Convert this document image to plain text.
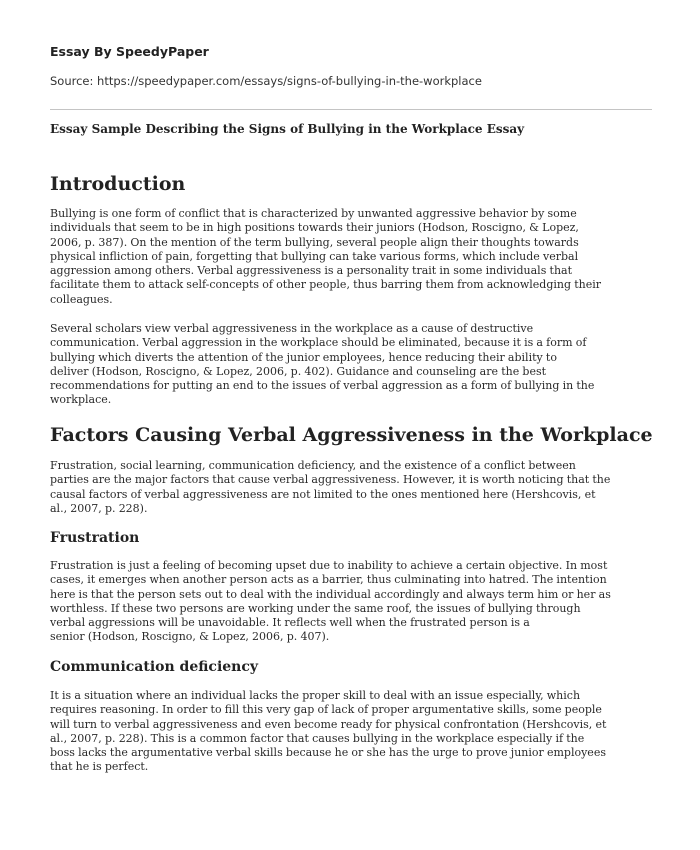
Essay By SpeedyPaper

Source: https://speedypaper.com/essays/signs-of-bullying-in-the-workplace

Essay Sample Describing the Signs of Bullying in the Workplace Essay

Introduction

Bullying is one form of conflict that is characterized by unwanted aggressive behavior by some
individuals that seem to be in high positions towards their juniors (Hodson, Roscigno, & Lopez,
2006, p. 387). On the mention of the term bullying, several people align their thoughts towards
physical infliction of pain, forgetting that bullying can take various forms, which include verbal
aggression among others. Verbal aggressiveness is a personality trait in some individuals that
facilitate them to attack self-concepts of other people, thus barring them from acknowledging their
colleagues.

Several scholars view verbal aggressiveness in the workplace as a cause of destructive
communication. Verbal aggression in the workplace should be eliminated, because it is a form of
bullying which diverts the attention of the junior employees, hence reducing their ability to
deliver (Hodson, Roscigno, & Lopez, 2006, p. 402). Guidance and counseling are the best
recommendations for putting an end to the issues of verbal aggression as a form of bullying in the
workplace.

Factors Causing Verbal Aggressiveness in the Workplace

Frustration, social learning, communication deficiency, and the existence of a conflict between
parties are the major factors that cause verbal aggressiveness. However, it is worth noticing that the
causal factors of verbal aggressiveness are not limited to the ones mentioned here (Hershcovis, et
al., 2007, p. 228).

Frustration

Frustration is just a feeling of becoming upset due to inability to achieve a certain objective. In most
cases, it emerges when another person acts as a barrier, thus culminating into hatred. The intention
here is that the person sets out to deal with the individual accordingly and always term him or her as
worthless. If these two persons are working under the same roof, the issues of bullying through
verbal aggressions will be unavoidable. It reflects well when the frustrated person is a
senior (Hodson, Roscigno, & Lopez, 2006, p. 407).

Communication deficiency

It is a situation where an individual lacks the proper skill to deal with an issue especially, which
requires reasoning. In order to fill this very gap of lack of proper argumentative skills, some people
will turn to verbal aggressiveness and even become ready for physical confrontation (Hershcovis, et
al., 2007, p. 228). This is a common factor that causes bullying in the workplace especially if the
boss lacks the argumentative verbal skills because he or she has the urge to prove junior employees
that he is perfect.
